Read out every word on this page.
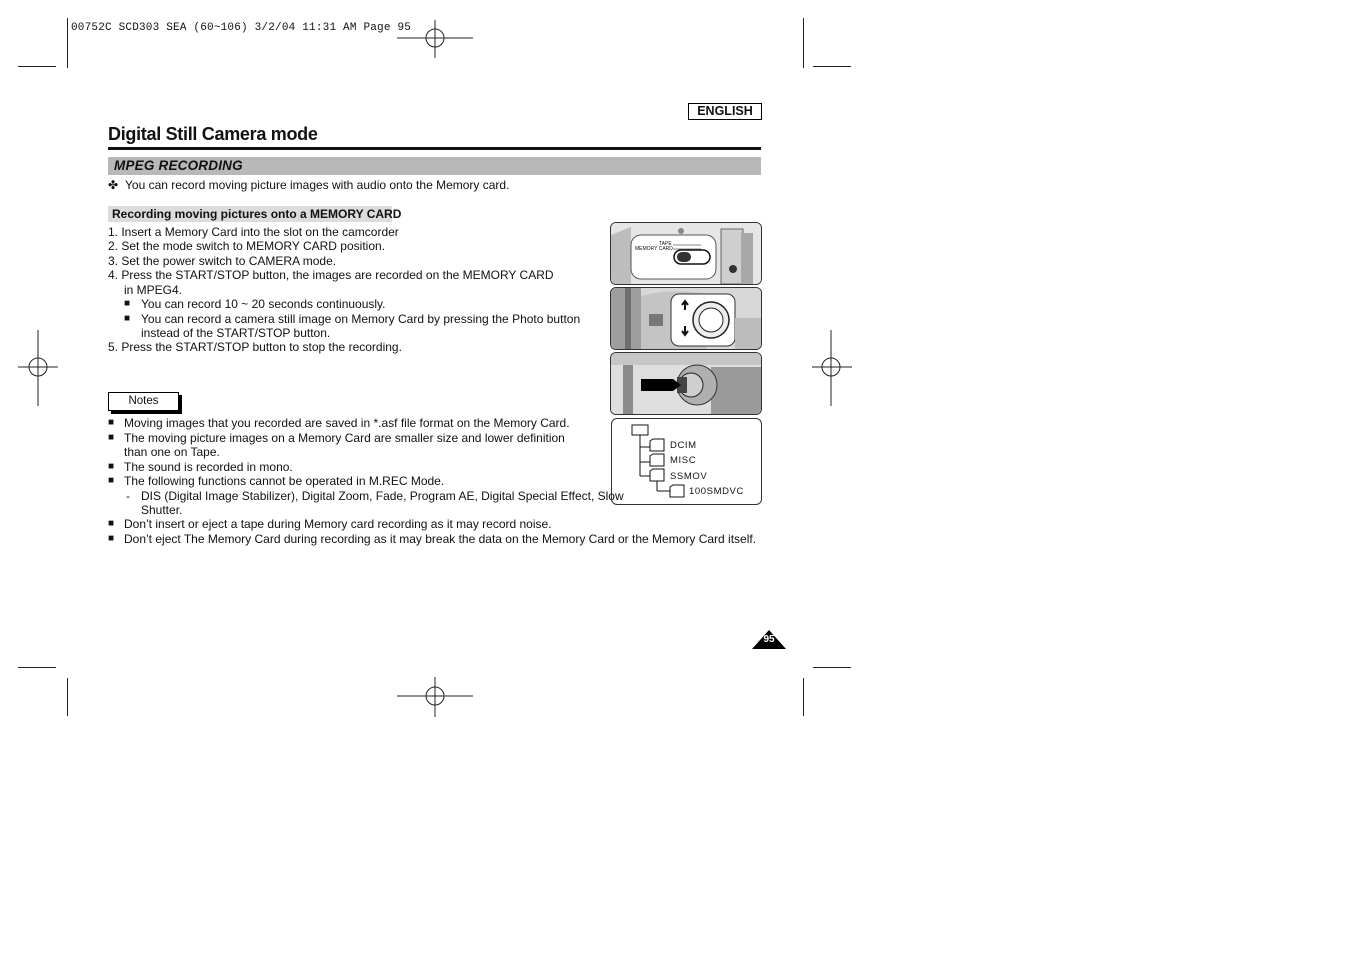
00752C SCD303 SEA (60~106) 3/2/04 11:31 AM Page 95
ENGLISH
Digital Still Camera mode
MPEG RECORDING
✤ You can record moving picture images with audio onto the Memory card.
Recording moving pictures onto a MEMORY CARD
1. Insert a Memory Card into the slot on the camcorder
2. Set the mode switch to MEMORY CARD position.
3. Set the power switch to CAMERA mode.
4. Press the START/STOP button, the images are recorded on the MEMORY CARD
in MPEG4.
■ You can record 10 ~ 20 seconds continuously.
■ You can record a camera still image on Memory Card by pressing the Photo button
instead of the START/STOP button.
5. Press the START/STOP button to stop the recording.
Notes
■ Moving images that you recorded are saved in *.asf file format on the Memory Card.
■ The moving picture images on a Memory Card are smaller size and lower definition
than one on Tape.
■ The sound is recorded in mono.
■ The following functions cannot be operated in M.REC Mode.
- DIS (Digital Image Stabilizer), Digital Zoom, Fade, Program AE, Digital Special Effect, Slow
Shutter.
■ Don’t insert or eject a tape during Memory card recording as it may record noise.
■ Don’t eject The Memory Card during recording as it may break the data on the Memory Card or the Memory Card itself.
TAPE
MEMORY CARD
DCIM
MISC
SSMOV
100SMDVC
95
